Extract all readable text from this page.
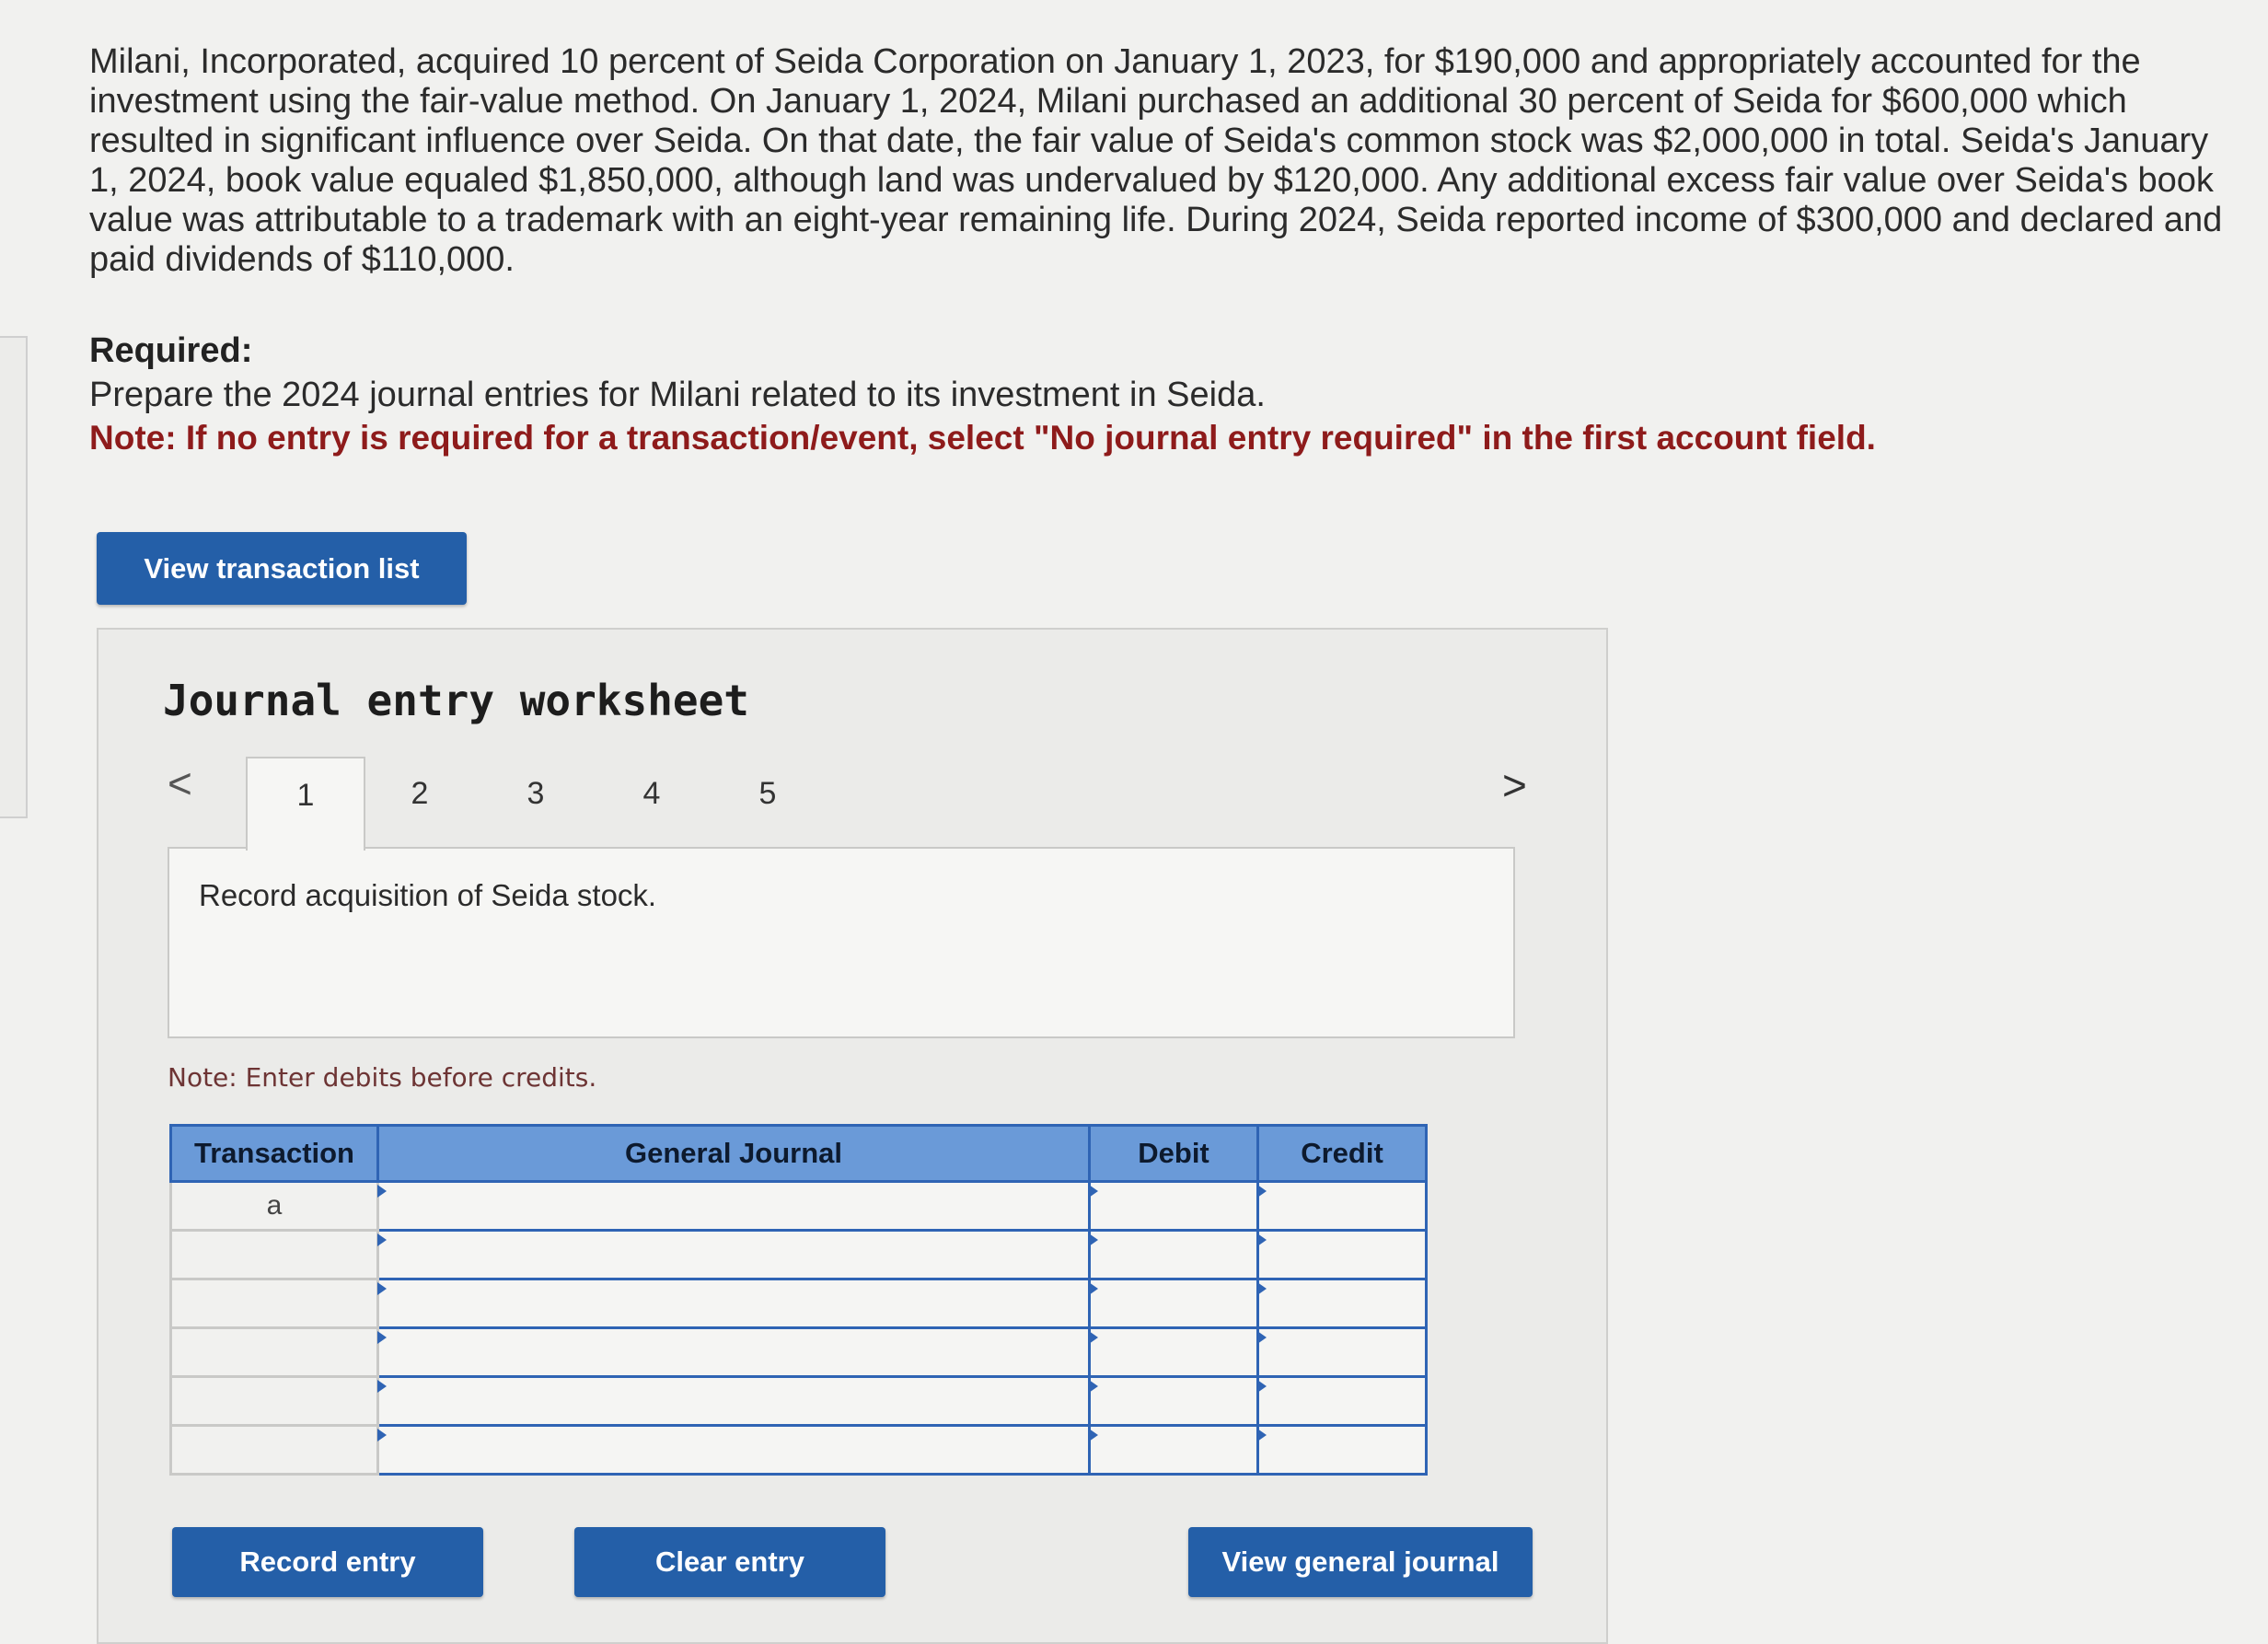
Milani, Incorporated, acquired 10 percent of Seida Corporation on January 1, 2023, for $190,000 and appropriately accounted for the investment using the fair-value method. On January 1, 2024, Milani purchased an additional 30 percent of Seida for $600,000 which resulted in significant influence over Seida. On that date, the fair value of Seida's common stock was $2,000,000 in total. Seida's January 1, 2024, book value equaled $1,850,000, although land was undervalued by $120,000. Any additional excess fair value over Seida's book value was attributable to a trademark with an eight-year remaining life. During 2024, Seida reported income of $300,000 and declared and paid dividends of $110,000.
Required:
Prepare the 2024 journal entries for Milani related to its investment in Seida.
Note: If no entry is required for a transaction/event, select "No journal entry required" in the first account field.
View transaction list
Journal entry worksheet
<	1	2	3	4	5	>
Record acquisition of Seida stock.
Note: Enter debits before credits.
Transaction	General Journal	Debit	Credit
a	

Record entry	Clear entry	View general journal
